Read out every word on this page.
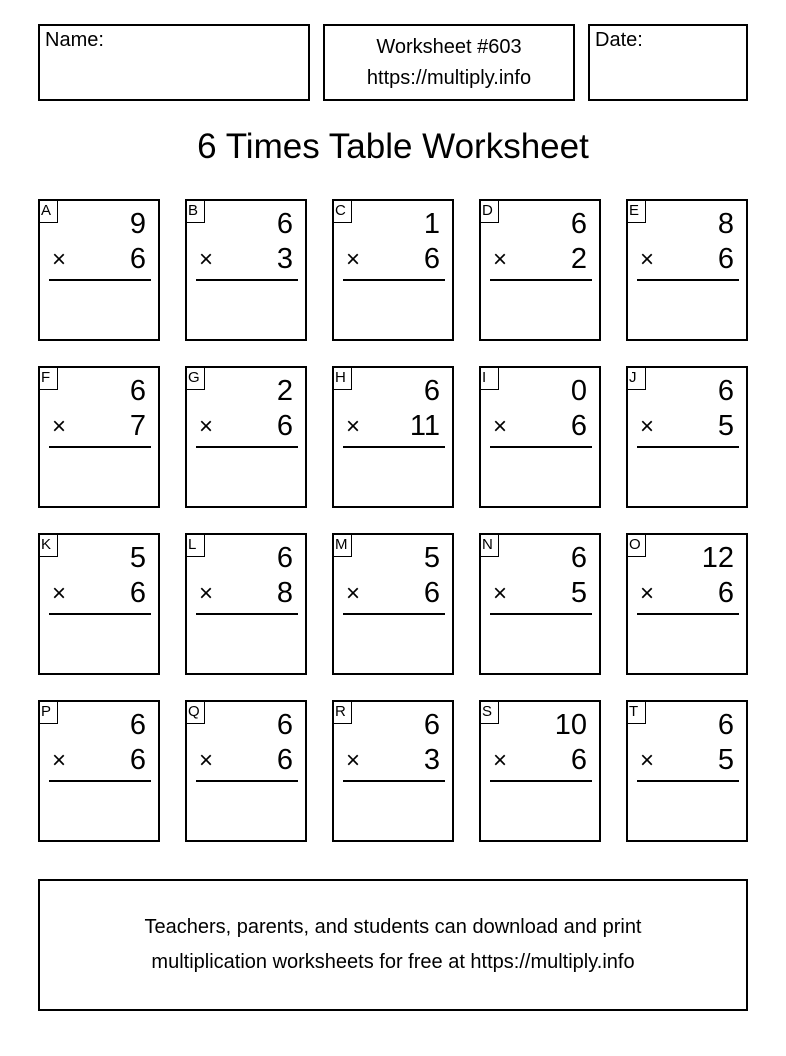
Name:	Worksheet #603
https://multiply.info
Date:
6 Times Table Worksheet
A	9
× 6
B	6
× 3
C	1
× 6
D	6
× 2
E	8
× 6
F	6
× 7
G	2
× 6
H	6
× 11
I	0
× 6
J	6
× 5
K	5
× 6
L	6
× 8
M	5
× 6
N	6
× 5
O 12
× 6
P	6
× 6
Q	6
× 6
R	6
× 3
S 10
× 6
T	6
× 5
Teachers, parents, and students can download and print
multiplication worksheets for free at https://multiply.info
